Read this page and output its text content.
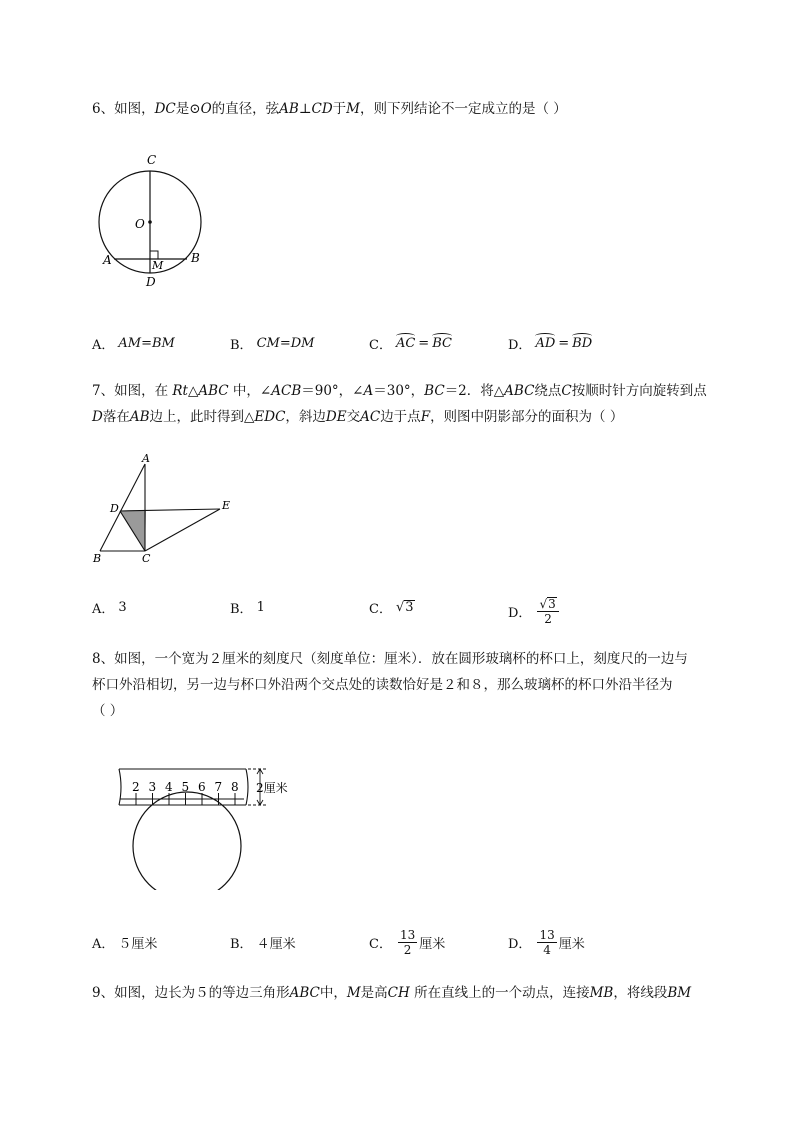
6、如图，DC是⊙O的直径，弦AB⊥CD于M，则下列结论不一定成立的是（ ）

C
O
A	B
M
D
A． AM=BM	B． CM=DM	C． AC = BC	D． AD = BD

7、如图，在 Rt△ABC 中，∠ACB＝90°，∠A＝30°，BC＝2．将△ABC绕点C按顺时针方向旋转到点
D落在AB边上，此时得到△EDC，斜边DE交AC边于点F，则图中阴影部分的面积为（ ）

A
D	E
B	C
A． 3	B． 1	C． √ 3	D． $\frac{√ 3}{2}$

8、如图，一个宽为２厘米的刻度尺（刻度单位：厘米）．放在圆形玻璃杯的杯口上，刻度尺的一边与
杯口外沿相切，另一边与杯口外沿两个交点处的读数恰好是２和８，那么玻璃杯的杯口外沿半径为
（ ）

2 3 4 5 6 7 8 2厘米
A． ５厘米	B． ４厘米	C． $\frac{13}{2}$ 厘米	D． $\frac{13}{4}$ 厘米

9、如图，边长为５的等边三角形ABC中，M是高CH 所在直线上的一个动点，连接MB，将线段BM
